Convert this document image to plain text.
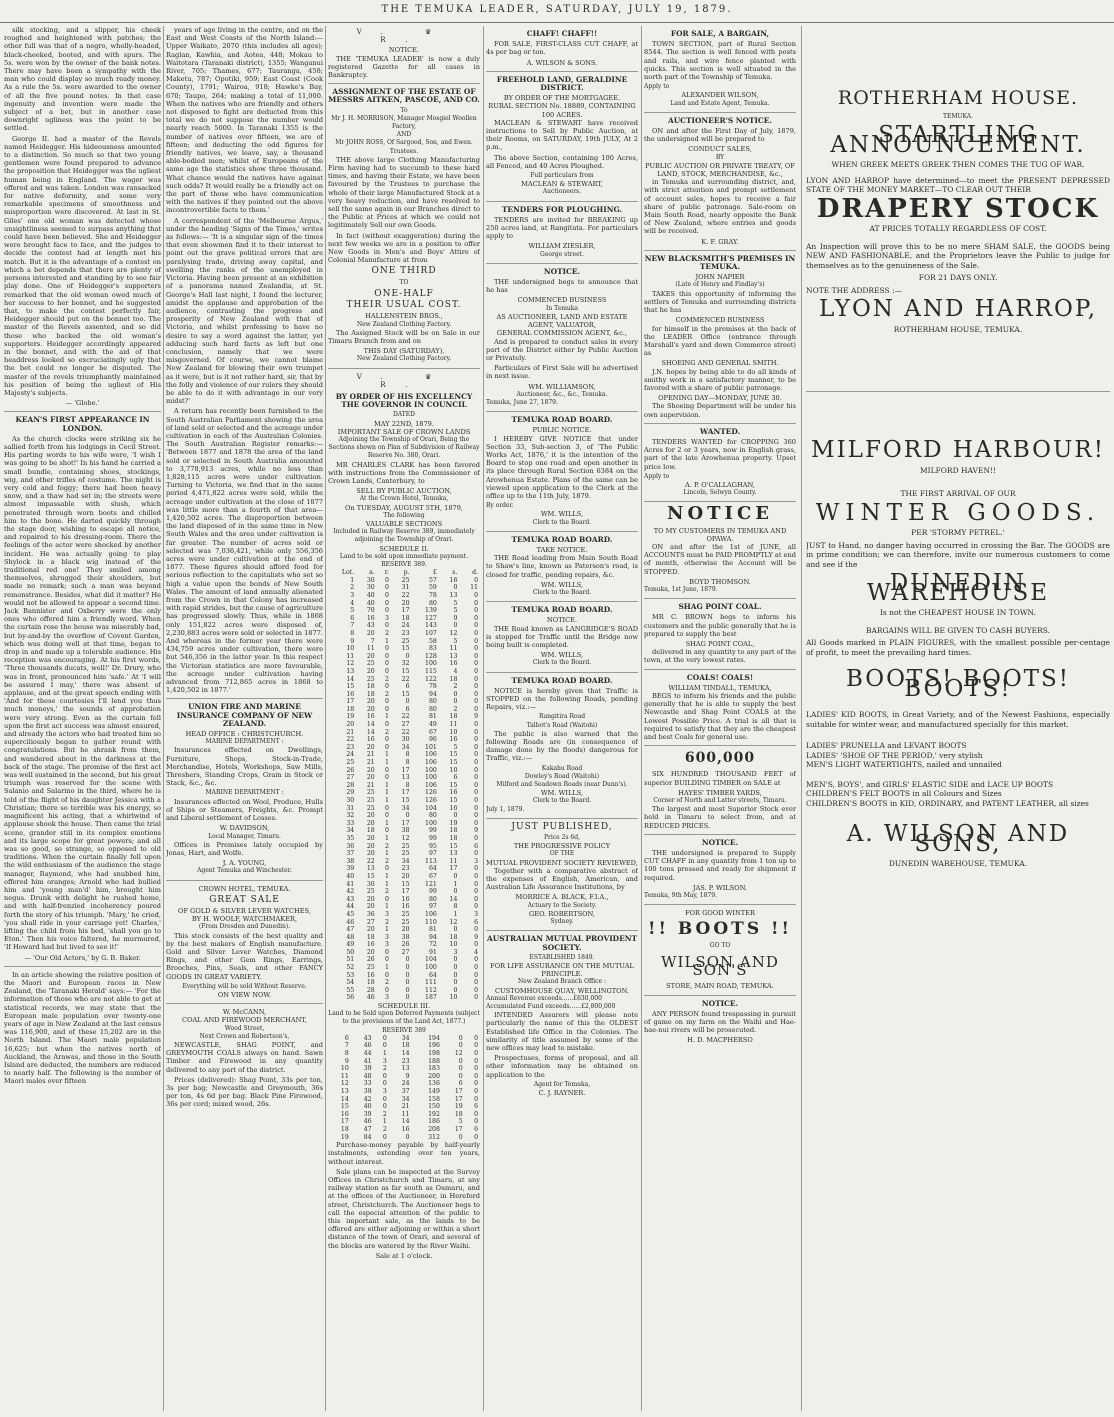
THE TEMUKA LEADER, SATURDAY, JULY 19, 1879.

silk stocking, and a slipper, his cheek roughed and heightened with patches; the other full was that of a negro, wholly-headed, black-cheeked, booted, and with spurs. The 5s. were won by the owner of the bank notes. There may have been a sympathy with the man who could display so much ready money. As a rule the 5s. were awarded to the owner of all the five pound notes. In that case ingenuity and invention were made the subject of a bet, but in another case downright ugliness was the point to be settled.

George II. had a master of the Revels named Heidegger. His hideousness amounted to a distinction. So much so that two young gentlemen were found prepared to advance the proposition that Heidegger was the ugliest human being in England. The wager was offered and was taken. London was ransacked for native deformity, and some very remarkable specimens of smoothness and misproportion were discovered. At last in St. Giles' one old woman was detected whose unsightliness seemed to surpass anything that could have been believed. She and Heidegger were brought face to face, and the judges to decide the contest had at length met his match. But it is the advantage of a contest on which a bet depends that there are plenty of persons interested and standing by to see fair play done. One of Heidegger's supporters remarked that the old woman owed much of her success to her bonnet, and he suggested that, to make the contest perfectly fair, Heidegger should put on the bonnet too. The master of the Revels assented, and so did those who backed the old woman's supporters. Heidegger accordingly appeared in the bonnet, and with the aid of that headdress looked so excruciatingly ugly that the bet could no longer be disputed. The master of the revels triumphantly maintained his position of being the ugliest of His Majesty's subjects.

— 'Globe.'

KEAN'S FIRST APPEARANCE IN LONDON.

As the church clocks were striking six he sallied forth from his lodgings in Cecil Street. His parting words to his wife were, 'I wish I was going to be shot!' In his hand he carried a small bundle, containing shoes, stockings, wig, and other trifles of costume. The night is very cold and foggy; there had been heavy snow, and a thaw had set in; the streets were almost impassable with slush, which penetrated through worn boots and chilled him to the bone. He darted quickly through the stage door, wishing to escape all notice, and repaired to his dressing-room. There the feelings of the actor were shocked by another incident. He was actually going to play Shylock in a black wig instead of the traditional red one! They smiled among themselves, shrugged their shoulders, but made no remark; such a man was beyond remonstrance. Besides, what did it matter? He would not be allowed to appear a second time. Jack Bannister and Oxberry were the only ones who offered him a friendly word. When the curtain rose the house was miserably bad, but by-and-by the overflow of Covent Garden, which was doing well at that time, began to drop in and made up a tolerable audience. His reception was encouraging. At his first words, 'Three thousands ducats, well!' Dr. Drury, who was in front, pronounced him 'safe.' At 'I will be assured I may,' there was absent of applause, and at the great speech ending with 'And for these courtesies I'll lend you thus much moneys,' the sounds of approbation were very strong. Even as the curtain fell upon the first act success was almost ensured, and already the actors who had treated him so superciliously began to gather round with congratulations. But he shrank from them, and wandered about in the darkness at the back of the stage. The promise of the first act was well sustained in the second, but his great triumph was reserved for the scene with Salanio and Salarino in the third, where he is told of the flight of his daughter Jessica with a Christian; there so terrible was his energy, so magnificent his acting, that a whirlwind of applause shook the house. Then came the trial scene, grander still in its complex emotions and its large scope for great powers; and all was so good, so strange, so opposed to old traditions. When the curtain finally fell upon the wild enthusiasm of the audience the stage manager, Raymond, who had snubbed him, offered him oranges; Arnold who had bullied him and 'young man'd' him, brought him negus. Drunk with delight he rushed home, and with half-frenzied incoherency poured forth the story of his triumph. 'Mary,' he cried, 'you shall ride in your carriage yet! Charles,' lifting the child from his bed, 'shall you go to Eton.' Then his voice faltered, he murmured, 'If Howard had but lived to see it!'

— 'Our Old Actors,' by G. B. Baker.

In an article showing the relative position of the Maori and European races in New Zealand, the 'Taranaki Herald' says:— 'For the information of those who are not able to get at statistical records, we may state that the European male population over twenty-one years of age in New Zealand at the last census was 116,900, and of these 15,202 are in the North Island. The Maori male population 16,625; but when the natives north of Auckland, the Arawas, and those in the South Island are deducted, the numbers are reduced to nearly half. The following is the number of Maori males over fifteen

years of age living in the centre, and on the East and West Coasts of the North Island:— Upper Waikato, 2070 (this includes all ages); Raglan, Kawhia, and Aotea, 448; Mokau to Waitotara (Taranaki district), 1355; Wanganui River, 705; Thames, 677; Tauranga, 458; Maketu, 787; Opotiki, 959; East Coast (Cook County), 1791; Wairoa, 918; Hawke's Bay, 670; Taupo, 264; making a total of 11,000. When the natives who are friendly and others not disposed to fight are deducted from this total we do not suppose the number would nearly reach 5000. In Taranaki 1355 is the number of natives over fifteen, we are of fifteen; and deducting the odd figures for friendly natives, we leave, say, a thousand able-bodied men; whilst of Europeans of the same age the statistics show three thousand. What chance would the natives have against such odds? It would really be a friendly act on the part of those who have communication with the natives if they pointed out the above incontrovertible facts to them.'

A correspondent of the 'Melbourne Argus,' under the heading 'Signs of the Times,' writes as follows:— 'It is a singular sign of the times that even showmen find it to their interest to point out the grave political errors that are paralysing trade, driving away capital, and swelling the ranks of the unemployed in Victoria. Having been present at an exhibition of a panorama named Zealandia, at St. George's Hall last night, I found the lecturer, amidst the applause and approbation of the audience, contrasting the progress and prosperity of New Zealand with that of Victoria, and whilst professing to have no desire to say a word against the latter, yet adducing such hard facts as left but one conclusion, namely that we were misgoverned. Of course, we cannot blame New Zealand for blowing their own trumpet as it were, but is it not rather hard, sir, that by the folly and violence of our rulers they should be able to do it with advantage in our very midst?'

A return has recently been furnished to the South Australian Parliament showing the area of land sold or selected and the acreage under cultivation in each of the Australian Colonies. The South Australian Register remarks:— 'Between 1877 and 1878 the area of the land sold or selected in South Australia amounted to 3,778,913 acres, while no less than 1,828,115 acres were under cultivation. Turning to Victoria, we find that in the same period 4,471,822 acres were sold, while the acreage under cultivation at the close of 1877 was little more than a fourth of that area—1,420,502 acres. The disproportion between the land disposed of in the same time in New South Wales and the area under cultivation is far greater. The number of acres sold or selected was 7,036,421, while only 556,356 acres were under cultivation at the end of 1877. These figures should afford food for serious reflection to the capitalists who set so high a value upon the bonds of New South Wales. The amount of land annually alienated from the Crown in that Colony has increased with rapid strides, but the cause of agriculture has progressed slowly. Thus, while in 1868 only 151,822 acres were disposed of, 2,230,883 acres were sold or selected in 1877. And whereas in the former year there were 434,759 acres under cultivation, there were but 546,356 in the latter year. In this respect the Victorian statistics are more favourable, the acreage under cultivation having advanced from 712,865 acres in 1868 to 1,420,502 in 1877.'

UNION FIRE AND MARINE INSURANCE COMPANY OF NEW ZEALAND.
HEAD OFFICE : CHRISTCHURCH.
MARINE DEPARTMENT :

Insurances effected on Dwellings, Furniture, Shops, Stock-in-Trade, Merchandise, Hotels, Workshops, Saw Mills, Threshers, Standing Crops, Grain in Stock or Stack, &c., &c.

MARINE DEPARTMENT :

Insurances effected on Wool, Produce, Hulls of Ships or Steamers, Freights, &c. Prompt and Liberal settlement of Losses.

W. DAVIDSON,
Local Manager, Timaru.

Offices in Premises lately occupied by Jonas, Hart, and Wolfe.

J. A. YOUNG,
Agent Temuka and Winchester.
CROWN HOTEL, TEMUKA.
GREAT SALE
OF GOLD & SILVER LEVER WATCHES,
BY H. WOOLF, WATCHMAKER,
(From Dresden and Dunedin).

This stock consists of the best quality and by the best makers of English manufacture. Gold and Silver Lever Watches, Diamond Rings, and other Gem Rings, Earrings, Brooches, Pins, Seals, and other FANCY GOODS IN GREAT VARIETY.

Everything will be sold Without Reserve.
ON VIEW NOW.
W. McCANN,
COAL AND FIREWOOD MERCHANT,
Wood Street,
Next Crown and Robertson's,

NEWCASTLE, SHAG POINT, and GREYMOUTH COALS always on hand. Sawn Timber and Firewood in any quantity delivered to any part of the district.

Prices (delivered): Shag Point, 33s per ton, 3s per bag; Newcastle and Greymouth, 36s per ton, 4s 6d per bag. Black Pine Firewood, 36s per cord; mixed wood, 26s.

V.	♛ R.
NOTICE.

THE 'TEMUKA LEADER' is now a duly registered Gazette for all cases in Bankruptcy.

ASSIGNMENT OF THE ESTATE OF MESSRS AITKEN, PASCOE, AND CO.
To
Mr J. H. MORRISON, Manager Mosgiel Woollen Factory,
AND
Mr JOHN ROSS, Of Sargood, Son, and Ewen.
Trustees.

THE above large Clothing Manufacturing Firm having had to succumb to these hard times, and having their Estate, we have been favoured by the Trustees to purchase the whole of their large Manufactured Stock at a very heavy reduction, and have resolved to sell the same again in our Branches direct to the Public at Prices at which we could not legitimately Sell our own Goods.

In fact (without exaggeration) during the next few weeks we are in a position to offer New Goods in Men's and Boys' Attire of Colonial Manufacture at from

ONE THIRD
TO
ONE-HALF
THEIR USUAL COST.
HALLENSTEIN BROS.,
New Zealand Clothing Factory.

The Assigned Stock will be on Sale in our Timaru Branch from and on

THIS DAY (SATURDAY).
New Zealand Clothing Factory.
V.	♛ R.
BY ORDER OF HIS EXCELLENCY THE GOVERNOR IN COUNCIL
DATED
MAY 22ND, 1879.
IMPORTANT SALE OF CROWN LANDS
Adjoining the Township of Orari, Being the Sections shown on Plan of Subdivision of Railway Reserve No. 380, Orari.

MR CHARLES CLARK has been favored with instructions from the Commissioner of Crown Lands, Canterbury, to

SELL BY PUBLIC AUCTION,
At the Crown Hotel, Temuka,
On TUESDAY, AUGUST 5TH, 1879,
The following
VALUABLE SECTIONS
Included in Railway Reserve 389, immediately adjoining the Township of Orari.
SCHEDULE II.
Land to be sold upon immediate payment. RESERVE 389.
Lot.	a.	r.	p.	£	s.	d.
1	30	0	25	57	16	0
2	30	0	31	59	0	11
3	40	0	22	78	13	0
4	40	0	20	80	5	0
5	70	0	17	139	5	0
6	16	3	18	127	9	0
7	43	0	24	143	0	0
8	20	2	23	107	12	0
9	7	1	25	58	5	0
10	11	0	15	83	11	0
11	20	0	0	128	13	0
12	25	0	32	100	16	0
13	20	0	15	115	4	0
14	25	2	22	122	18	0
15	18	0	6	78	2	0
16	18	2	15	94	0	0
17	20	0	0	80	0	0
18	20	0	6	80	2	0
19	16	1	22	81	18	9
20	14	0	27	49	11	0
21	14	2	22	67	10	0
22	16	0	30	96	16	0
23	20	0	34	101	5	0
24	21	1	8	106	15	0
25	21	1	8	106	15	0
26	20	0	17	100	10	0
27	20	0	13	100	6	0
28	21	1	8	106	15	0
29	25	1	17	126	16	0
30	25	1	15	126	15	0
31	25	0	34	104	16	0
32	20	0	0	80	0	0
33	20	1	17	100	19	0
34	18	0	38	99	18	9
35	20	1	12	99	18	0
36	20	2	25	95	15	6
37	20	1	25	97	13	0
38	22	2	34	113	11	3
39	13	0	23	64	17	0
40	15	1	20	67	0	0
41	30	1	15	121	1	0
42	25	2	17	99	0	0
43	20	0	16	80	14	0
44	20	1	16	97	8	0
45	36	3	25	106	1	3
46	27	2	25	110	12	6
47	20	1	20	81	0	0
48	18	3	38	94	18	9
49	16	3	26	72	10	0
50	20	0	27	91	3	4
51	26	0	0	104	0	0
52	25	1	0	100	0	0
53	16	0	0	64	0	0
54	18	2	0	111	0	0
55	28	0	0	112	0	0
56	46	3	0	187	10	0
SCHEDULE III.
Land to be Sold upon Deferred Payments (subject to the provisions of the Land Act, 1877.)
RESERVE 389
6	43	0	34	194	0	0
7	46	0	18	196	0	0
8	44	1	14	198	12	0
9	41	3	23	188	0	0
10	39	2	13	183	0	0
11	48	0	9	200	0	0
12	33	0	24	136	6	0
13	39	3	37	149	17	0
14	42	0	34	158	17	0
15	40	0	21	150	19	6
16	39	2	11	192	18	0
17	46	1	14	186	5	0
18	47	2	16	208	17	6
19	84	0	0	312	0	0

Purchase-money payable by half-yearly instalments, extending over ten years, without interest.

Sale plans can be inspected at the Survey Offices in Christchurch and Timaru, at any railway station as far south as Oamaru, and at the offices of the Auctioneer, in Hereford street, Christchurch. The Auctioneer begs to call the especial attention of the public to this important sale, as the lands to be offered are either adjoining or within a short distance of the town of Orari, and several of the blocks are watered by the River Waihi.

Sale at 1 o'clock.
CHAFF! CHAFF!!

FOR SALE, FIRST-CLASS CUT CHAFF, at 4s per bag or ton.

A. WILSON & SONS.
FREEHOLD LAND, GERALDINE DISTRICT.
BY ORDER OF THE MORTGAGEE.
RURAL SECTION No. 18889, CONTAINING 100 ACRES.

MACLEAN & STEWART have received instructions to Sell by Public Auction, at their Rooms, on SATURDAY, 19th JULY, At 2 p.m.,

The above Section, containing 100 Acres, all Fenced, and 40 Acres Ploughed.

Full particulars from
MACLEAN & STEWART,
Auctioneers.
TENDERS FOR PLOUGHING.

TENDERS are invited for BREAKING up 250 acres land, at Rangitata. For particulars apply to

WILLIAM ZIESLER,
George street.
NOTICE.

THE undersigned begs to announce that he has

COMMENCED BUSINESS
In Temuka
AS AUCTIONEER, LAND AND ESTATE AGENT, VALUATOR,
GENERAL COMMISSION AGENT, &c.,

And is prepared to conduct sales in every part of the District either by Public Auction or Privately.

Particulars of First Sale will be advertised in next issue.

WM. WILLIAMSON,
Auctioneer, &c., &c., Temuka.
Temuka, June 27, 1879.
TEMUKA ROAD BOARD.
PUBLIC NOTICE.

I HEREBY GIVE NOTICE that under Section 33, Sub-section 3, of 'The Public Works Act, 1876,' it is the intention of the Board to stop one road and open another in its place through Rural Section 6384 on the Arowhenua Estate. Plans of the same can be viewed upon application to the Clerk at the office up to the 11th July, 1879.

By order.
WM. WILLS,
Clerk to the Board.
TEMUKA ROAD BOARD.
TAKE NOTICE.

THE Road leading from Main South Road to Shaw's line, known as Paterson's road, is closed for traffic, pending repairs, &c.

WM. WILLS,
Clerk to the Board.
TEMUKA ROAD BOARD.
NOTICE.

THE Road known as LANGRIDGE'S ROAD is stopped for Traffic until the Bridge now being built is completed.

WM. WILLS,
Clerk to the Board.
TEMUKA ROAD BOARD.

NOTICE is hereby given that Traffic is STOPPED on the following Roads, pending Repairs, viz.:—

Rangitira Road
Talbot's Road (Waitohi)

The public is also warned that the following Roads are (in consequence of damage done by the floods) dangerous for Traffic, viz.:—

Kakahu Road
Dowley's Road (Waitohi)
Milford and Seadown Roads (near Dunn's).
WM. WILLS,
Clerk to the Board.
July 1, 1879.
JUST PUBLISHED,
Price 2s 6d,
THE PROGRESSIVE POLICY
OF THE
MUTUAL PROVIDENT SOCIETY REVIEWED,

Together with a comparative abstract of the expenses of English, American, and Australian Life Assurance Institutions, by

MORRICE A. BLACK, F.I.A.,
Actuary to the Society.
GEO. ROBERTSON,
Sydney.
AUSTRALIAN MUTUAL PROVIDENT SOCIETY.
ESTABLISHED 1849.
FOR LIFE ASSURANCE ON THE MUTUAL PRINCIPLE.
New Zealand Branch Office :
CUSTOMHOUSE QUAY, WELLINGTON.
Annual Revenue exceeds......£630,000
Accumulated Fund exceeds......£2,800,000

INTENDED Assurers will please note particularly the name of this the OLDEST Established life Office in the Colonies. The similarity of title assumed by some of the new offices may lead to mistake.

Prospectuses, forms of proposal, and all other information may be obtained on application to the

Agent for Temuka,
C. J. RAYNER.
FOR SALE, A BARGAIN,

TOWN SECTION, part of Rural Section 8544. The section is well fenced with posts and rails, and wire fence planted with quicks. This section is well situated in the north part of the Township of Temuka.

Apply to
ALEXANDER WILSON,
Land and Estate Agent, Temuka.
AUCTIONEER'S NOTICE.

ON and after the First Day of July, 1879, the undersigned will be prepared to

CONDUCT SALES,
BY
PUBLIC AUCTION OR PRIVATE TREATY, OF
LAND, STOCK, MERCHANDISE, &c.,

in Temuka and surrounding district, and, with strict attention and prompt settlement of account sales, hopes to receive a fair share of public patronage. Sale-room on Main South Road, nearly opposite the Bank of New Zealand, where entries and goods will be received.

K. F. GRAY.
NEW BLACKSMITH'S PREMISES IN TEMUKA.
JOHN NAPIER
(Late of Henry and Findlay's)

TAKES this opportunity of informing the settlers of Temuka and surrounding districts that he has

COMMENCED BUSINESS

for himself in the premises at the back of the LEADER Office (entrance through Marshall's yard and down Commerce street) as

SHOEING AND GENERAL SMITH.

J.N. hopes by being able to do all kinds of smithy work in a satisfactory manner, to be favored with a share of public patronage.

OPENING DAY—MONDAY, JUNE 30.

The Shoeing Department will be under his own supervision.

WANTED.

TENDERS WANTED for CROPPING 360 Acres for 2 or 3 years, now in English grass, part of the late Arowhenua property. Upset price low.

Apply to
A. P. O'CALLAGHAN,
Lincoln, Selwyn County.
NOTICE
TO MY CUSTOMERS IN TEMUKA AND OPAWA.

ON and after the 1st of JUNE, all ACCOUNTS must be PAID PROMPTLY at end of month, otherwise the Account will be STOPPED.

BOYD THOMSON.
Temuka, 1st June, 1879.
SHAG POINT COAL.

MR C. BROWN begs to inform his customers and the public generally that he is prepared to supply the best

SHAG POINT COAL,

delivered in any quantity to any part of the town, at the very lowest rates.

COALS! COALS!
WILLIAM TINDALL, TEMUKA,

BEGS to inform his friends and the public generally that he is able to supply the best Newcastle and Shag Point COALS at the Lowest Possible Price. A trial is all that is required to satisfy that they are the cheapest and best Coals for general use.

600,000

SIX HUNDRED THOUSAND FEET of superior BUILDING TIMBER on SALE at

HAYES' TIMBER YARDS,
Corner of North and Latter streets, Timaru.

The largest and most Superior Stock ever held in Timaru to select from, and at REDUCED PRICES.

NOTICE.

THE undersigned is prepared to Supply CUT CHAFF in any quantity from 1 ton up to 100 tons pressed and ready for shipment if required.

JAS. P. WILSON.
Temuka, 9th May, 1879.
FOR GOOD WINTER
!! BOOTS !!
GO TO
WILSON AND SON'S
STORE, MAIN ROAD, TEMUKA.
NOTICE.

ANY PERSON found trespassing in pursuit of game on my farm on the Waihi and Hae-hae-nui rivers will be prosecuted.

H. D. MACPHERSO
ROTHERHAM HOUSE.
TEMUKA.
STARTLING ANNOUNCEMENT.
WHEN GREEK MEETS GREEK THEN COMES THE TUG OF WAR.

LYON AND HARROP have determined—to meet the PRESENT DEPRESSED STATE OF THE MONEY MARKET—TO CLEAR OUT THEIR

DRAPERY STOCK
AT PRICES TOTALLY REGARDLESS OF COST.

An Inspection will prove this to be no mere SHAM SALE, the GOODS being NEW AND FASHIONABLE, and the Proprietors leave the Public to judge for themselves as to the genuineness of the Sale.

FOR 21 DAYS ONLY.
NOTE THE ADDRESS :—
LYON AND HARROP,
ROTHERHAM HOUSE, TEMUKA.
MILFORD HARBOUR!
MILFORD HAVEN!!
THE FIRST ARRIVAL OF OUR
WINTER GOODS.
PER 'STORMY PETREL.'

JUST to Hand, no danger having occurred in crossing the Bar. The GOODS are in prime condition; we can therefore, invite our numerous customers to come and see if the

DUNEDIN WAREHOUSE
Is not the CHEAPEST HOUSE IN TOWN.
BARGAINS WILL BE GIVEN TO CASH BUYERS.

All Goods marked in PLAIN FIGURES, with the smallest possible per-centage of profit, to meet the prevailing hard times.

BOOTS! BOOTS! BOOTS!

LADIES' KID BOOTS, in Great Variety, and of the Newest Fashions, especially suitable for winter wear, and manufactured specially for this market.

LADIES' PRUNELLA and LEVANT BOOTS
LADIES' 'SHOE OF THE PERIOD,' very stylish
MEN'S LIGHT WATERTIGHTS, nailed and unnailed
MEN'S, BOYS', and GIRLS' ELASTIC SIDE and LACE UP BOOTS
CHILDREN'S FELT BOOTS in all Colours and Sizes
CHILDREN'S BOOTS in KID, ORDINARY, and PATENT LEATHER, all sizes
A. WILSON AND SONS,
DUNEDIN WAREHOUSE, TEMUKA.
